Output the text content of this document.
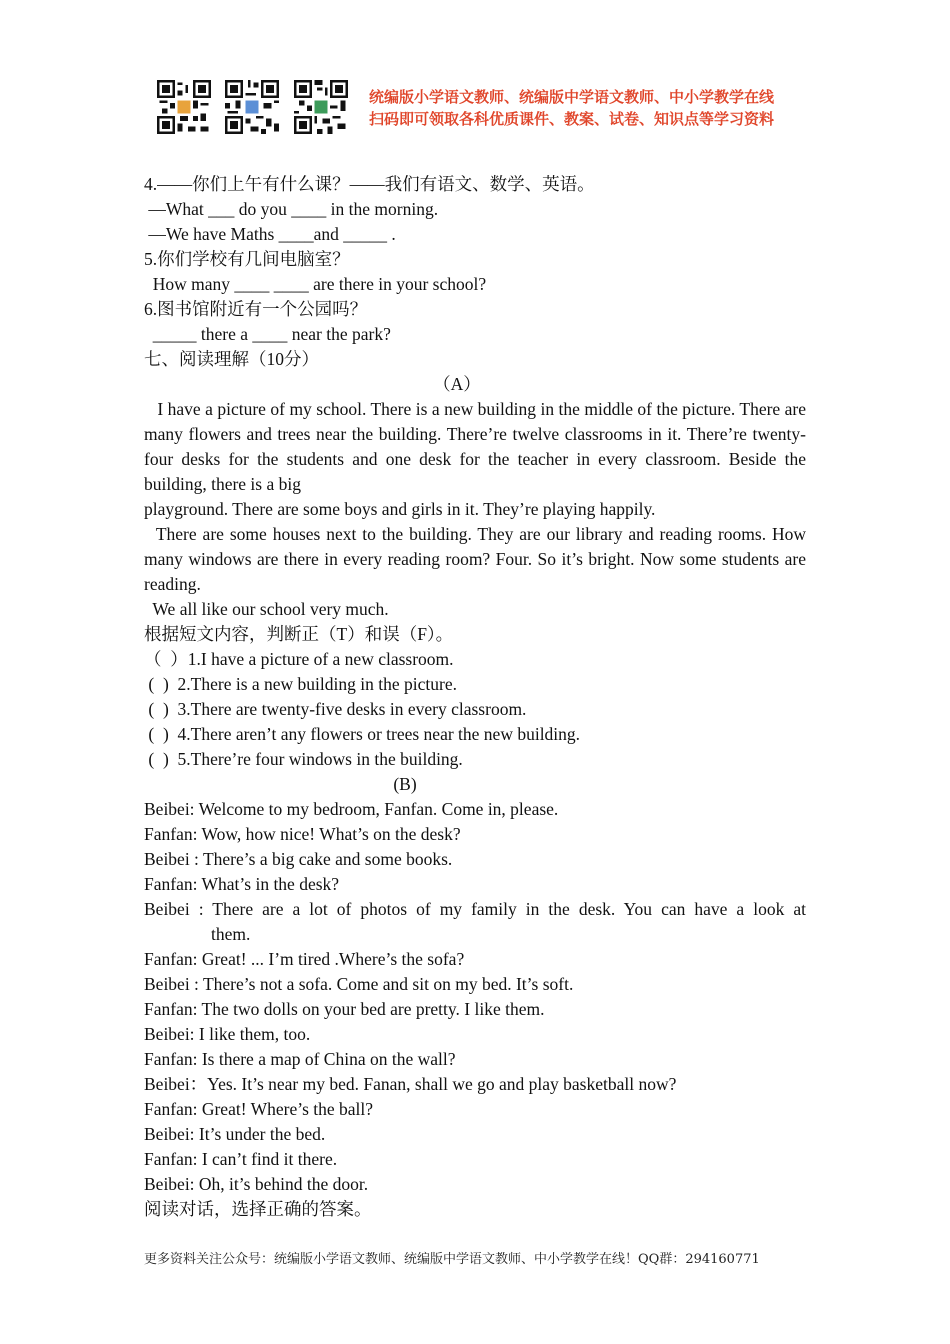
统编版小学语文教师、统编版中学语文教师、中小学教学在线
扫码即可领取各科优质课件、教案、试卷、知识点等学习资料
4.——你们上午有什么课？——我们有语文、数学、英语。
—What ___ do you ____ in the morning.
—We have Maths ____and _____ .
5.你们学校有几间电脑室？
How many ____ ____ are there in your school?
6.图书馆附近有一个公园吗？
_____ there a ____ near the park?
七、阅读理解（10分）
（A）
I have a picture of my school. There is a new building in the middle of the picture. There are many flowers and trees near the building. There’re twelve classrooms in it. There’re twenty-four desks for the students and one desk for the teacher in every classroom. Beside the building, there is a big
playground. There are some boys and girls in it. They’re playing happily.
There are some houses next to the building. They are our library and reading rooms. How many windows are there in every reading room? Four. So it’s bright. Now some students are reading.
We all like our school very much.
根据短文内容，判断正（T）和误（F）。
（  ）1.I have a picture of a new classroom.
(  )  2.There is a new building in the picture.
(  )  3.There are twenty-five desks in every classroom.
(  )  4.There aren’t any flowers or trees near the new building.
(  )  5.There’re four windows in the building.
(B)
Beibei: Welcome to my bedroom, Fanfan. Come in, please.
Fanfan: Wow, how nice! What’s on the desk?
Beibei : There’s a big cake and some books.
Fanfan: What’s in the desk?
Beibei : There are a lot of photos of my family in the desk. You can have a look at
them.
Fanfan: Great! ... I’m tired .Where’s the sofa?
Beibei : There’s not a sofa. Come and sit on my bed. It’s soft.
Fanfan: The two dolls on your bed are pretty. I like them.
Beibei: I like them, too.
Fanfan: Is there a map of China on the wall?
Beibei：Yes. It’s near my bed. Fanan, shall we go and play basketball now?
Fanfan: Great! Where’s the ball?
Beibei: It’s under the bed.
Fanfan: I can’t find it there.
Beibei: Oh, it’s behind the door.
阅读对话，选择正确的答案。
更多资料关注公众号：统编版小学语文教师、统编版中学语文教师、中小学教学在线！QQ群：294160771
